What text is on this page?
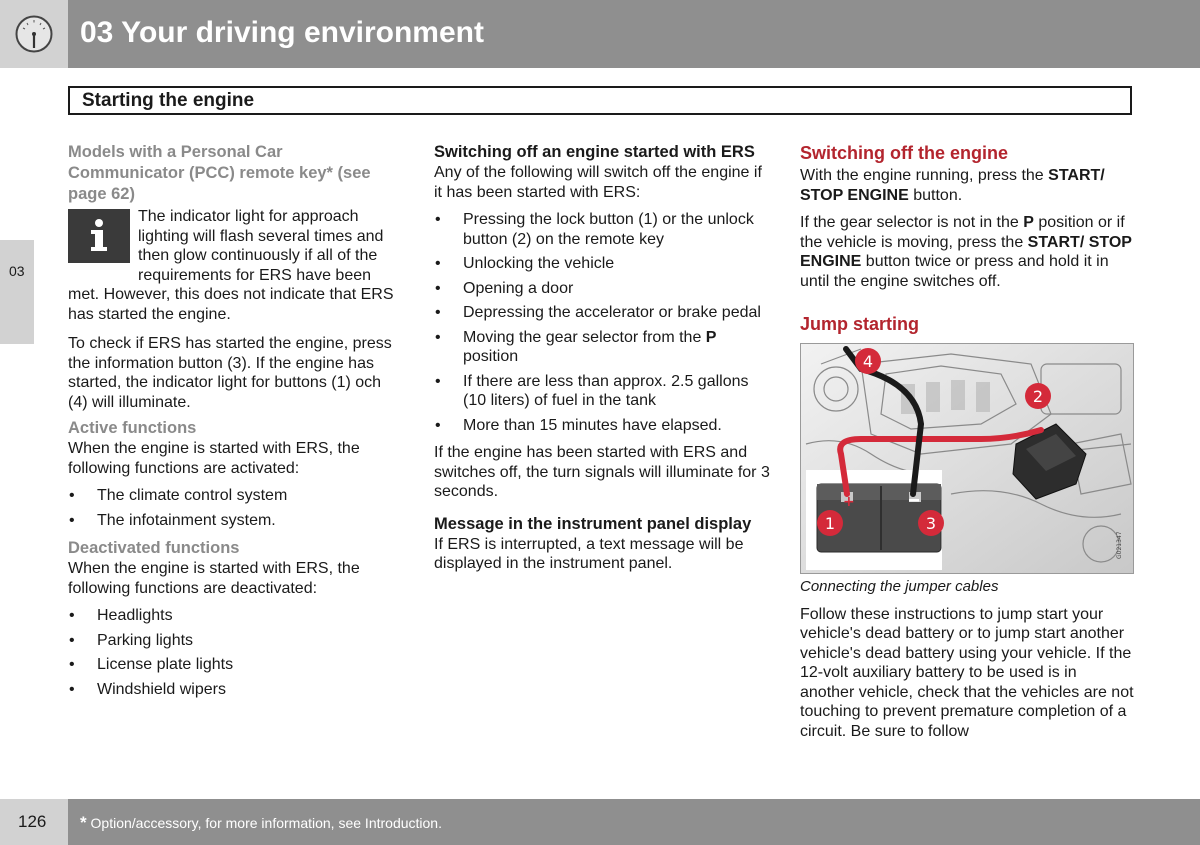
03 Your driving environment
Starting the engine
03
Models with a Personal Car Communicator (PCC) remote key* (see page 62)

The indicator light for approach lighting will flash several times and then glow continuously if all of the requirements for ERS have been met. However, this does not indicate that ERS has started the engine.

To check if ERS has started the engine, press the information button (3). If the engine has started, the indicator light for buttons (1) och (4) will illuminate.

Active functions

When the engine is started with ERS, the following functions are activated:

• The climate control system
• The infotainment system.
Deactivated functions

When the engine is started with ERS, the following functions are deactivated:

• Headlights
• Parking lights
• License plate lights
• Windshield wipers
Switching off an engine started with ERS

Any of the following will switch off the engine if it has been started with ERS:

• Pressing the lock button (1) or the unlock button (2) on the remote key
• Unlocking the vehicle
• Opening a door
• Depressing the accelerator or brake pedal
• Moving the gear selector from the P position
• If there are less than approx. 2.5 gallons (10 liters) of fuel in the tank
• More than 15 minutes have elapsed.

If the engine has been started with ERS and switches off, the turn signals will illuminate for 3 seconds.

Message in the instrument panel display

If ERS is interrupted, a text message will be displayed in the instrument panel.

Switching off the engine

With the engine running, press the START/ STOP ENGINE button.

If the gear selector is not in the P position or if the vehicle is moving, press the START/ STOP ENGINE button twice or press and hold it in until the engine switches off.

Jump starting
+
4
2
1	3
G021347

Connecting the jumper cables

Follow these instructions to jump start your vehicle's dead battery or to jump start another vehicle's dead battery using your vehicle. If the 12-volt auxiliary battery to be used is in another vehicle, check that the vehicles are not touching to prevent premature completion of a circuit. Be sure to follow

126 * Option/accessory, for more information, see Introduction.
